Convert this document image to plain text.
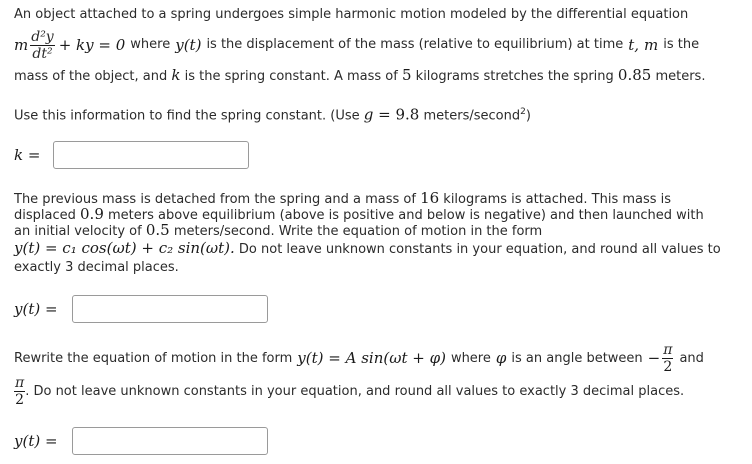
An object attached to a spring undergoes simple harmonic motion modeled by the differential equation
m $\frac{\text{d²y}}{\text{dt²}}$ + ky = 0 where y(t) is the displacement of the mass (relative to equilibrium) at time t, m is the
mass of the object, and k is the spring constant. A mass of 5 kilograms stretches the spring 0.85 meters.
Use this information to find the spring constant. (Use g = 9.8 meters/second$^2$)
k =
The previous mass is detached from the spring and a mass of 16 kilograms is attached. This mass is
displaced 0.9 meters above equilibrium (above is positive and below is negative) and then launched with
an initial velocity of 0.5 meters/second. Write the equation of motion in the form
y(t) = c₁ cos(ωt) + c₂ sin(ωt). Do not leave unknown constants in your equation, and round all values to
exactly 3 decimal places.
y(t) =
Rewrite the equation of motion in the form y(t) = A sin(ωt + φ) where φ is an angle between − $\frac{\pi}{2}$ and
$\frac{\pi}{2}$ . Do not leave unknown constants in your equation, and round all values to exactly 3 decimal places.
y(t) =
